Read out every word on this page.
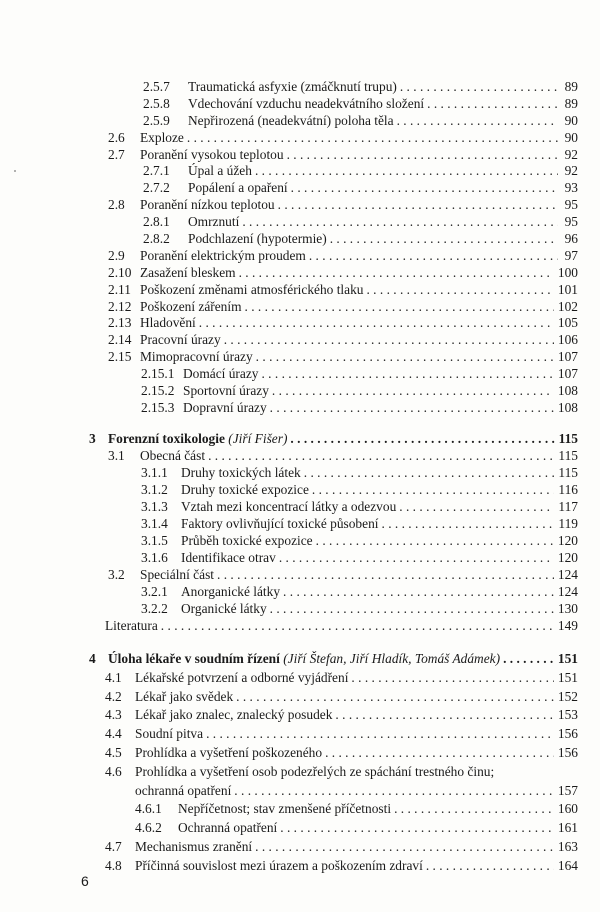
2.5.7 Traumatická asfyxie (zmáčknutí trupu) . . .	89
2.5.8 Vdechování vzduchu neadekvátního složení . . .	89
2.5.9 Nepřirozená (neadekvátní) poloha těla . . .	90
2.6 Exploze . . .	90
2.7 Poranění vysokou teplotou . . .	92
2.7.1 Úpal a úžeh . . .	92
2.7.2 Popálení a opaření . . .	93
2.8 Poranění nízkou teplotou . . .	95
2.8.1 Omrznutí . . .	95
2.8.2 Podchlazení (hypotermie) . . .	96
2.9 Poranění elektrickým proudem . . .	97
2.10 Zasažení bleskem . . .	100
2.11 Poškození změnami atmosférického tlaku . . .	101
2.12 Poškození zářením . . .	102
2.13 Hladovění . . .	105
2.14 Pracovní úrazy . . .	106
2.15 Mimopracovní úrazy . . .	107
2.15.1 Domácí úrazy . . .	107
2.15.2 Sportovní úrazy . . .	108
2.15.3 Dopravní úrazy . . .	108
3 Forenzní toxikologie (Jiří Fišer) . . .	115
3.1 Obecná část . . .	115
3.1.1 Druhy toxických látek . . .	115
3.1.2 Druhy toxické expozice . . .	116
3.1.3 Vztah mezi koncentrací látky a odezvou . . .	117
3.1.4 Faktory ovlivňující toxické působení . . .	119
3.1.5 Průběh toxické expozice . . .	120
3.1.6 Identifikace otrav . . .	120
3.2 Speciální část . . .	124
3.2.1 Anorganické látky . . .	124
3.2.2 Organické látky . . .	130
Literatura . . .	149
4 Úloha lékaře v soudním řízení (Jiří Štefan, Jiří Hladík, Tomáš Adámek) . . .	151
4.1 Lékařské potvrzení a odborné vyjádření . . .	151
4.2 Lékař jako svědek . . .	152
4.3 Lékař jako znalec, znalecký posudek . . .	153
4.4 Soudní pitva . . .	156
4.5 Prohlídka a vyšetření poškozeného . . .	156
4.6 Prohlídka a vyšetření osob podezřelých ze spáchání trestného činu;
ochranná opatření . . .	157
4.6.1 Nepříčetnost; stav zmenšené příčetnosti . . .	160
4.6.2 Ochranná opatření . . .	161
4.7 Mechanismus zranění . . .	163
4.8 Příčinná souvislost mezi úrazem a poškozením zdraví . . .	164
6
